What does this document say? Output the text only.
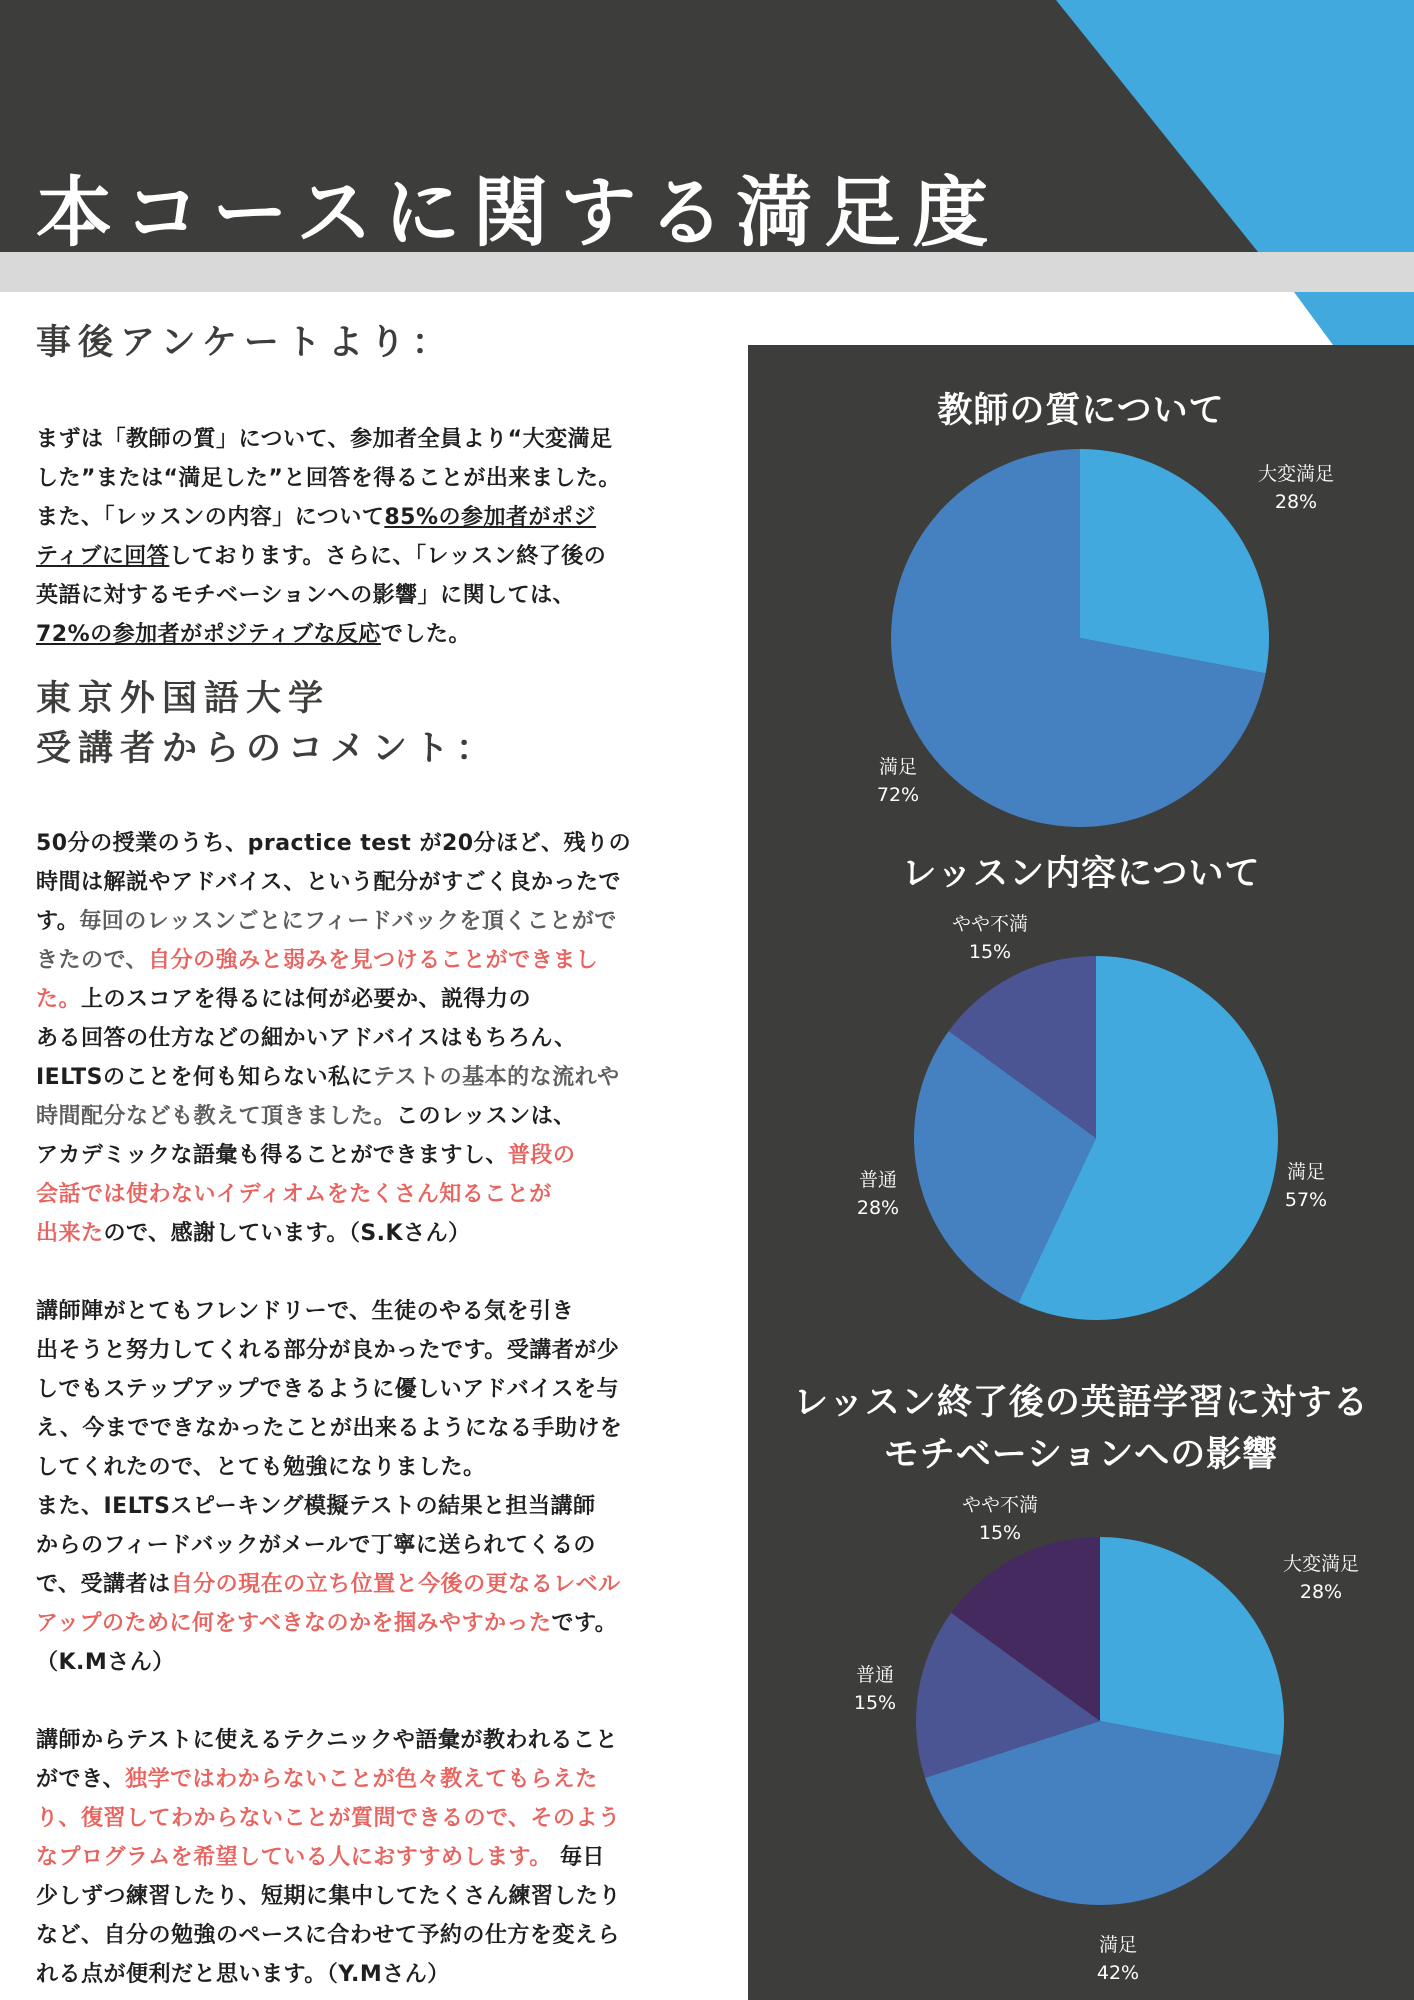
本コースに関する満足度
事後アンケートより：
まずは「教師の質」について、参加者全員より“大変満足
した”または“満足した”と回答を得ることが出来ました。
また、「レッスンの内容」について85%の参加者がポジ
ティブに回答しております。さらに、「レッスン終了後の
英語に対するモチベーションへの影響」に関しては、
72%の参加者がポジティブな反応でした。
東京外国語大学
受講者からのコメント：
50分の授業のうち、practice test が20分ほど、残りの
時間は解説やアドバイス、という配分がすごく良かったで
す。毎回のレッスンごとにフィードバックを頂くことがで
きたので、自分の強みと弱みを見つけることができまし
た。上のスコアを得るには何が必要か、説得力の
ある回答の仕方などの細かいアドバイスはもちろん、
IELTSのことを何も知らない私にテストの基本的な流れや
時間配分なども教えて頂きました。このレッスンは、
アカデミックな語彙も得ることができますし、普段の
会話では使わないイディオムをたくさん知ることが
出来たので、感謝しています。（S.Kさん）
講師陣がとてもフレンドリーで、生徒のやる気を引き
出そうと努力してくれる部分が良かったです。受講者が少
しでもステップアップできるように優しいアドバイスを与
え、今までできなかったことが出来るようになる手助けを
してくれたので、とても勉強になりました。
また、IELTSスピーキング模擬テストの結果と担当講師
からのフィードバックがメールで丁寧に送られてくるの
で、受講者は自分の現在の立ち位置と今後の更なるレベル
アップのために何をすべきなのかを掴みやすかったです。
（K.Mさん）
講師からテストに使えるテクニックや語彙が教われること
ができ、独学ではわからないことが色々教えてもらえた
り、復習してわからないことが質問できるので、そのよう
なプログラムを希望している人におすすめします。 毎日
少しずつ練習したり、短期に集中してたくさん練習したり
など、自分の勉強のペースに合わせて予約の仕方を変えら
れる点が便利だと思います。（Y.Mさん）
教師の質について
大変満足
28%
満足
72%
レッスン内容について
やや不満
15%
満足
57%
普通
28%
レッスン終了後の英語学習に対する
モチベーションへの影響
やや不満
15%
大変満足
28%
普通
15%
満足
42%
